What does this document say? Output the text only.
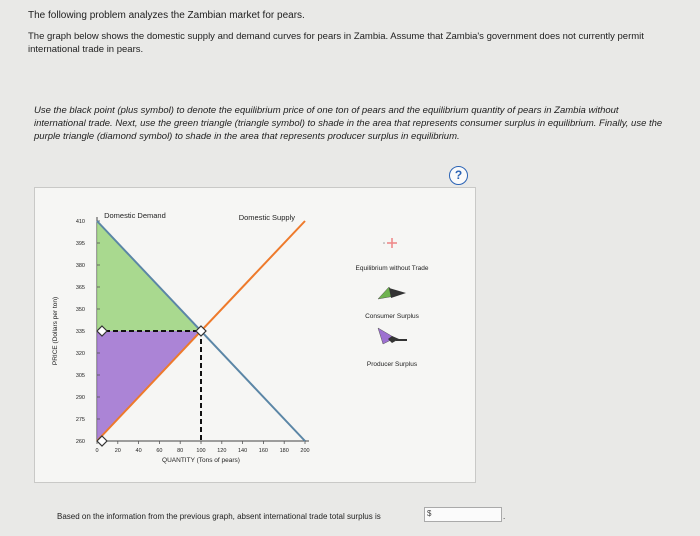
The following problem analyzes the Zambian market for pears.

The graph below shows the domestic supply and demand curves for pears in Zambia. Assume that Zambia's government does not currently permit international trade in pears.

Use the black point (plus symbol) to denote the equilibrium price of one ton of pears and the equilibrium quantity of pears in Zambia without international trade. Next, use the green triangle (triangle symbol) to shade in the area that represents consumer surplus in equilibrium. Finally, use the purple triangle (diamond symbol) to shade in the area that represents producer surplus in equilibrium.

?
0	20	40	60	80 100 120 140 160 180 200
260
275
290
305
320
335
350
365
380
395
410
Domestic Demand	Domestic Supply
QUANTITY (Tons of pears)
PRICE (Dollars per ton)
Equilibrium without Trade
Consumer Surplus
Producer Surplus

Based on the information from the previous graph, absent international trade total surplus is	$	.
